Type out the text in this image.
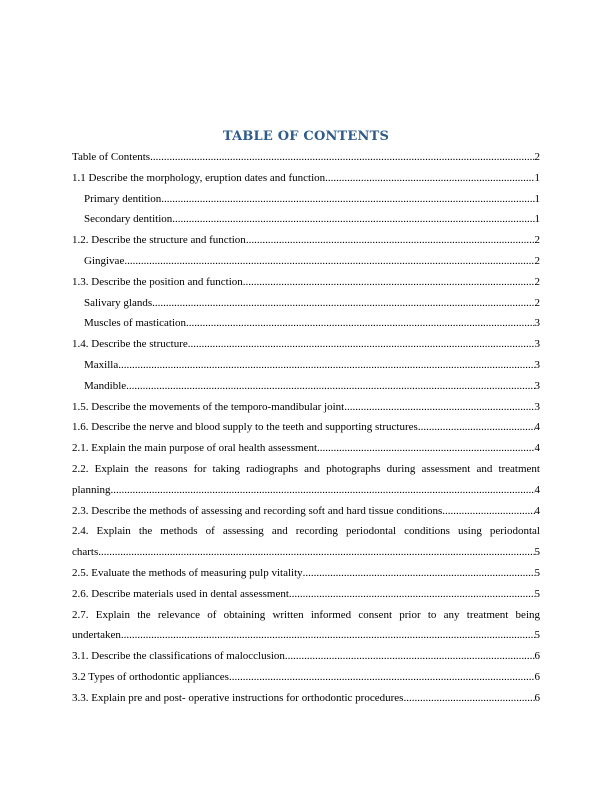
TABLE OF CONTENTS
Table of Contents .....	2
1.1 Describe the morphology, eruption dates and function .....	1
Primary dentition .....	1
Secondary dentition .....	1
1.2. Describe the structure and function .....	2
Gingivae .....	2
1.3. Describe the position and function .....	2
Salivary glands .....	2
Muscles of mastication .....	3
1.4. Describe the structure .....	3
Maxilla .....	3
Mandible .....	3
1.5. Describe the movements of the temporo-mandibular joint .....	3
1.6. Describe the nerve and blood supply to the teeth and supporting structures .....	4
2.1. Explain the main purpose of oral health assessment .....	4
2.2. Explain the reasons for taking radiographs and photographs during assessment and treatment
planning .....	4
2.3. Describe the methods of assessing and recording soft and hard tissue conditions .....	4
2.4. Explain the methods of assessing and recording periodontal conditions using periodontal
charts .....	5
2.5. Evaluate the methods of measuring pulp vitality .....	5
2.6. Describe materials used in dental assessment .....	5
2.7. Explain the relevance of obtaining written informed consent prior to any treatment being
undertaken .....	5
3.1. Describe the classifications of malocclusion .....	6
3.2 Types of orthodontic appliances .....	6
3.3. Explain pre and post- operative instructions for orthodontic procedures .....	6
